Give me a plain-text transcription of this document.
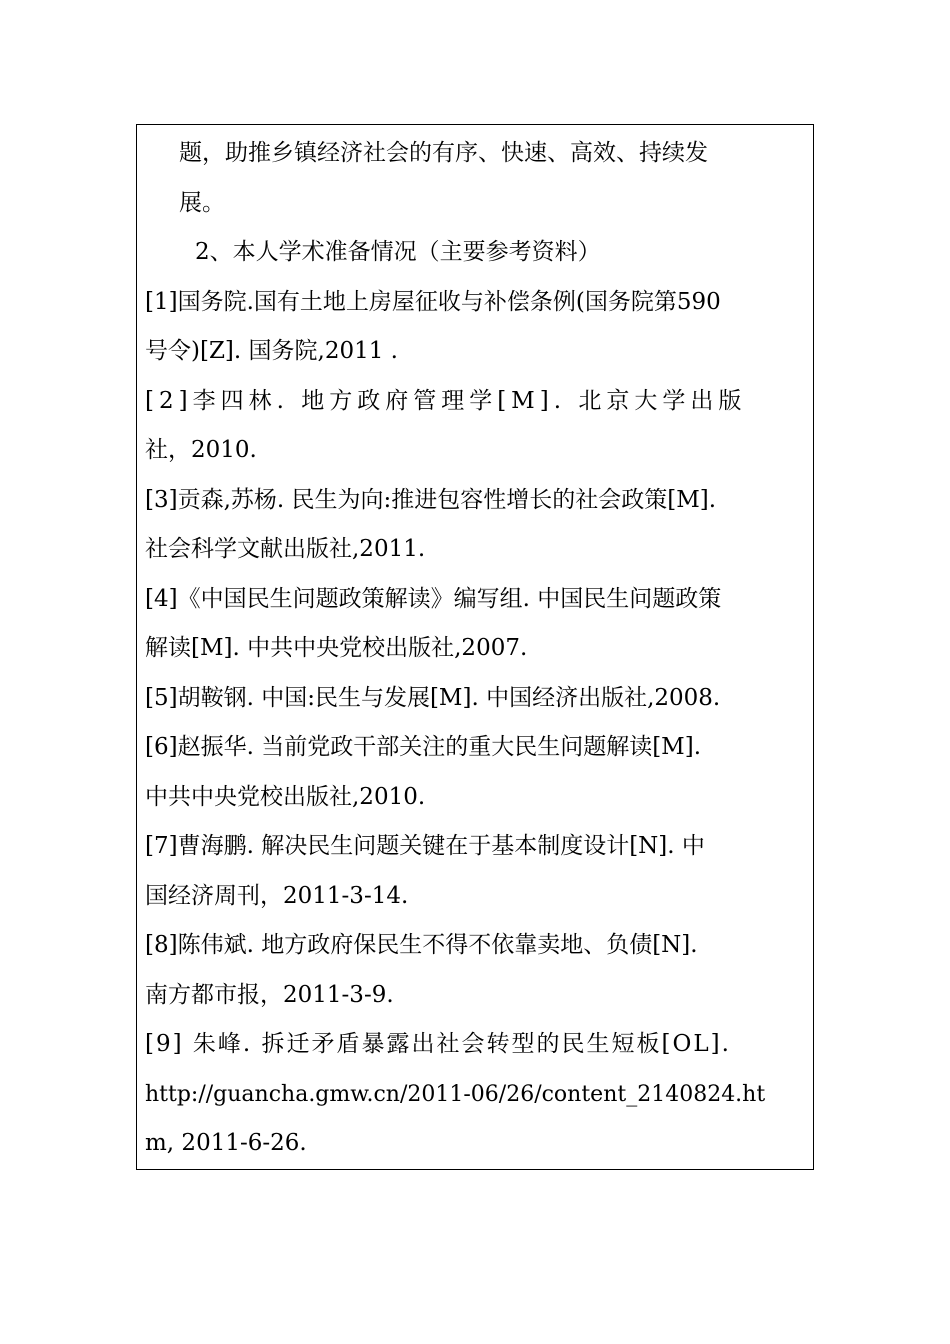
题，助推乡镇经济社会的有序、快速、高效、持续发
展。
2、本人学术准备情况（主要参考资料）
[1]国务院.国有土地上房屋征收与补偿条例(国务院第590
号令)[Z]. 国务院,2011 .
[2]李四林. 地方政府管理学[M]. 北京大学出版
社，2010.
[3]贡森,苏杨. 民生为向:推进包容性增长的社会政策[M].
社会科学文献出版社,2011.
[4]《中国民生问题政策解读》编写组. 中国民生问题政策
解读[M]. 中共中央党校出版社,2007.
[5]胡鞍钢. 中国:民生与发展[M]. 中国经济出版社,2008.
[6]赵振华. 当前党政干部关注的重大民生问题解读[M].
中共中央党校出版社,2010.
[7]曹海鹏. 解决民生问题关键在于基本制度设计[N]. 中
国经济周刊，2011-3-14.
[8]陈伟斌. 地方政府保民生不得不依靠卖地、负债[N].
南方都市报，2011-3-9.
[9] 朱峰. 拆迁矛盾暴露出社会转型的民生短板[OL].
http://guancha.gmw.cn/2011-06/26/content_2140824.ht
m, 2011-6-26.
